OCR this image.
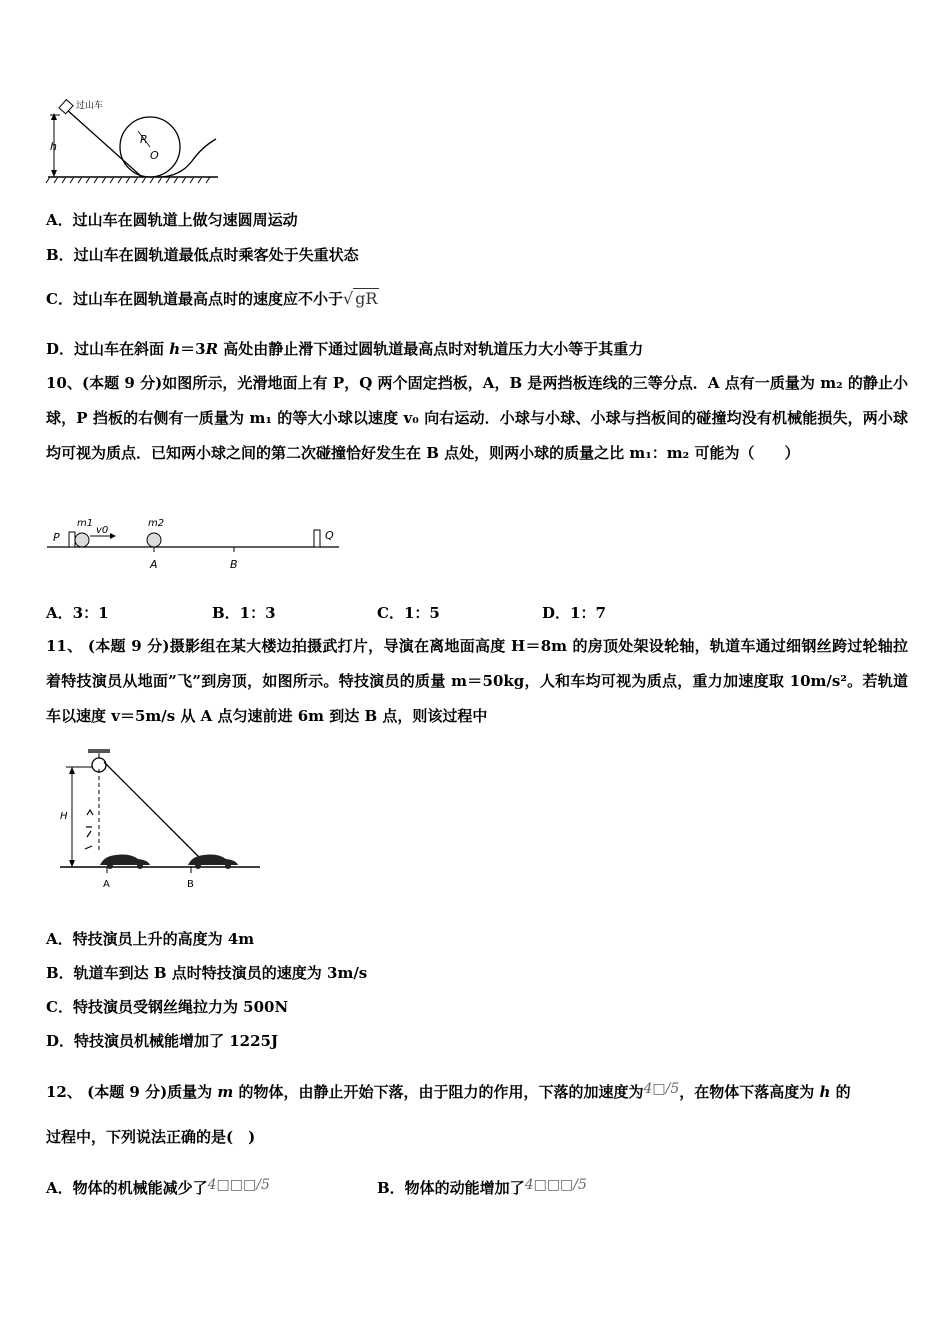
过山车
R
O
h
A．过山车在圆轨道上做匀速圆周运动
B．过山车在圆轨道最低点时乘客处于失重状态
C．过山车在圆轨道最高点时的速度应不小于√ gR
D．过山车在斜面 h＝3R 高处由静止滑下通过圆轨道最高点时对轨道压力大小等于其重力
10、(本题 9 分)如图所示，光滑地面上有 P，Q 两个固定挡板，A，B 是两挡板连线的三等分点．A 点有一质量为 m₂ 的静止小球，P 挡板的右侧有一质量为 m₁ 的等大小球以速度 v₀ 向右运动．小球与小球、小球与挡板间的碰撞均没有机械能损失，两小球均可视为质点．已知两小球之间的第二次碰撞恰好发生在 B 点处，则两小球的质量之比 m₁：m₂ 可能为（　　）
P	Q
m1	m2
v0
A	B
A．3：1	B．1：3	C．1：5	D．1：7
11、 (本题 9 分)摄影组在某大楼边拍摄武打片，导演在离地面高度 H＝8m 的房顶处架设轮轴，轨道车通过细钢丝跨过轮轴拉着特技演员从地面”飞”到房顶，如图所示。特技演员的质量 m＝50kg，人和车均可视为质点，重力加速度取 10m/s²。若轨道车以速度 v＝5m/s 从 A 点匀速前进 6m 到达 B 点，则该过程中
H
A	B
A．特技演员上升的高度为 4m
B．轨道车到达 B 点时特技演员的速度为 3m/s
C．特技演员受钢丝绳拉力为 500N
D．特技演员机械能增加了 1225J
12、 (本题 9 分)质量为 m 的物体，由静止开始下落，由于阻力的作用，下落的加速度为4□/5，在物体下落高度为 h 的
过程中，下列说法正确的是(　)
A．物体的机械能减少了4□□□/5	B．物体的动能增加了4□□□/5
